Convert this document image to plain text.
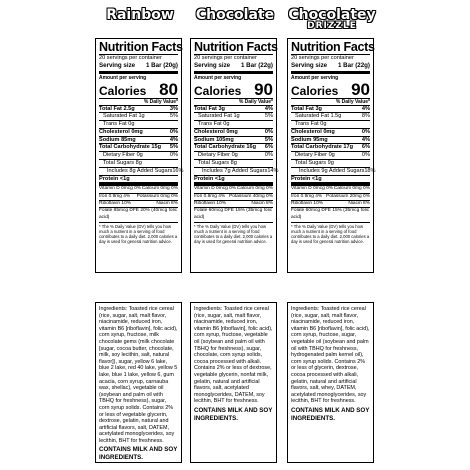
Rainbow
Nutrition Facts
20 servings per container
Serving size 1 Bar (20g)
Amount per serving
Calories 80
% Daily Value*
Total Fat 2.5g	3%
Saturated Fat 1g	5%
Trans Fat 0g
Cholesterol 0mg	0%
Sodium 85mg	4%
Total Carbohydrate 15g 5%
Dietary Fiber 0g	0%
Total Sugars 8g
Includes 8g Added Sugars 16%
Protein <1g
Vitamin D 0mcg 0% Calcium 0mg 0%
Iron 0.9mg 4% Potassium 0mg 0%
Riboflavin 10%	Niacin 8%
Folate 85mcg DFE 20% (40mcg folic acid)
* The % Daily Value (DV) tells you how much a nutrient in a serving of food contributes to a daily diet. 2,000 calories a day is used for general nutrition advice.
Ingredients: Toasted rice cereal (rice, sugar, salt, malt flavor, niacinamide, reduced iron, vitamin B6 [riboflavin], folic acid), corn syrup, fructose, milk chocolate gems (milk chocolate [sugar, cocoa butter, chocolate, milk, soy lecithin, salt, natural flavor]), sugar, yellow 6 lake, blue 2 lake, red 40 lake, yellow 5 lake, blue 1 lake, yellow 6, gum acacia, corn syrup, carnauba wax, shellac), vegetable oil (soybean and palm oil with TBHQ for freshness), sugar, corn syrup solids. Contains 2% or less of vegetable glycerin, dextrose, gelatin, natural and artificial flavors, salt, DATEM, acetylated monoglycerides, soy lecithin, BHT for freshness.
CONTAINS MILK AND SOY INGREDIENTS.
Chocolate
Nutrition Facts
20 servings per container
Serving size 1 Bar (22g)
Amount per serving
Calories 90
% Daily Value*
Total Fat 3g	4%
Saturated Fat 1g	5%
Trans Fat 0g
Cholesterol 0mg	0%
Sodium 105mg	5%
Total Carbohydrate 16g 6%
Dietary Fiber 0g	0%
Total Sugars 8g
Includes 7g Added Sugars 14%
Protein <1g
Vitamin D 0mcg 0% Calcium 0mg 0%
Iron 0.9mg 4% Potassium 40mg 0%
Riboflavin 10%	Niacin 8%
Folate 60mcg DFE 15% (35mcg folic acid)
* The % Daily Value (DV) tells you how much a nutrient in a serving of food contributes to a daily diet. 2,000 calories a day is used for general nutrition advice.
Ingredients: Toasted rice cereal (rice, sugar, salt, malt flavor, niacinamide, reduced iron, vitamin B6 [riboflavin], folic acid), corn syrup, fructose, vegetable oil (soybean and palm oil with TBHQ for freshness), sugar, chocolate, corn syrup solids, cocoa processed with alkali. Contains 2% or less of dextrose, vegetable glycerin, nonfat milk, gelatin, natural and artificial flavors, salt, acetylated monoglycerides, DATEM, soy lecithin, BHT for freshness.
CONTAINS MILK AND SOY INGREDIENTS.
Chocolatey
DRIZZLE
Nutrition Facts
20 servings per container
Serving size 1 Bar (22g)
Amount per serving
Calories 90
% Daily Value*
Total Fat 3g	4%
Saturated Fat 1.5g	8%
Trans Fat 0g
Cholesterol 0mg	0%
Sodium 95mg	4%
Total Carbohydrate 17g 6%
Dietary Fiber 0g	0%
Total Sugars 9g
Includes 9g Added Sugars 18%
Protein <1g
Vitamin D 0mcg 0% Calcium 0mg 0%
Iron 0.9mg 4% Potassium 20mg 0%
Riboflavin 10%	Niacin 8%
Folate 60mcg DFE 15% (35mcg folic acid)
* The % Daily Value (DV) tells you how much a nutrient in a serving of food contributes to a daily diet. 2,000 calories a day is used for general nutrition advice.
Ingredients: Toasted rice cereal (rice, sugar, salt, malt flavor, niacinamide, reduced iron, vitamin B6 [riboflavin], folic acid), corn syrup, fructose, sugar, vegetable oil (soybean and palm oil with TBHQ for freshness, hydrogenated palm kernel oil), corn syrup solids. Contains 2% or less of glycerin, dextrose, cocoa processed with alkali, gelatin, natural and artificial flavors, salt, whey, DATEM, acetylated monoglycerides, soy lecithin, BHT for freshness.
CONTAINS MILK AND SOY INGREDIENTS.
